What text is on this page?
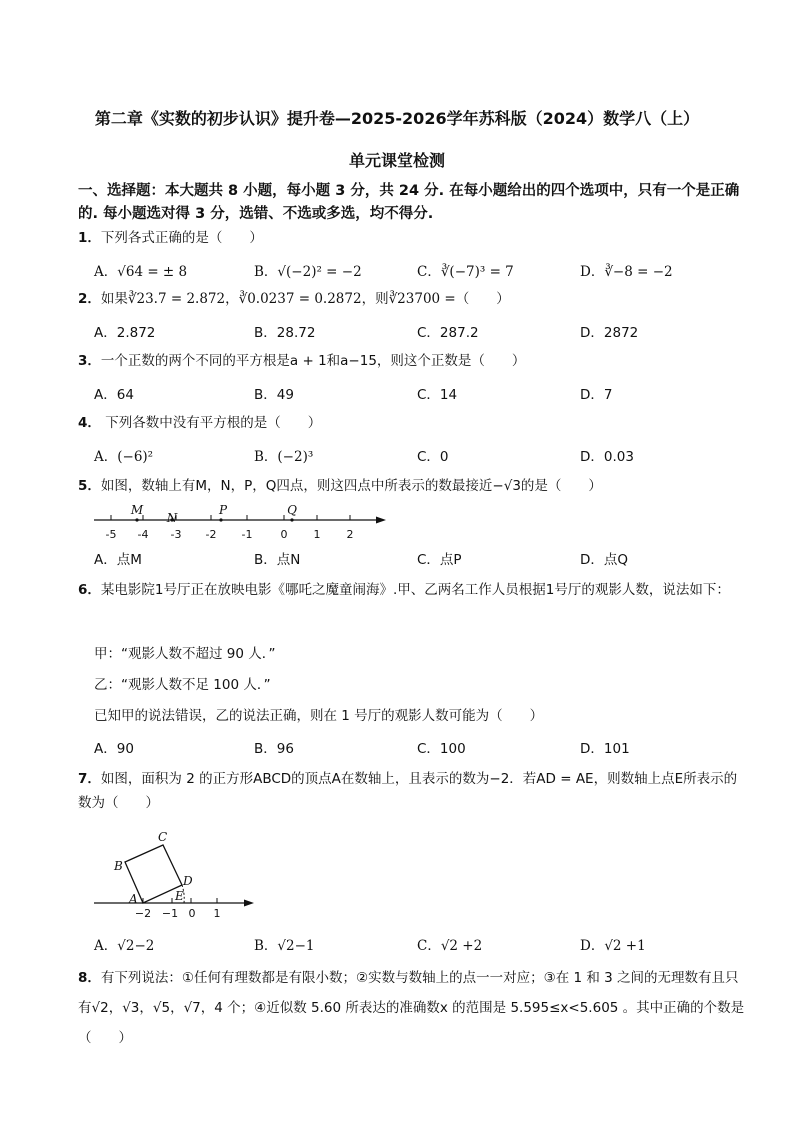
第二章《实数的初步认识》提升卷—2025-2026学年苏科版（2024）数学八（上）
单元课堂检测
一、选择题：本大题共 8 小题，每小题 3 分，共 24 分. 在每小题给出的四个选项中，只有一个是正确的. 每小题选对得 3 分，选错、不选或多选，均不得分.
1．下列各式正确的是（　　）
A．√64 = ± 8	B．√(−2)² = −2	C．∛(−7)³ = 7	D．∛−8 = −2
2．如果∛23.7 = 2.872，∛0.0237 = 0.2872，则∛23700 =（　　）
A．2.872	B．28.72	C．287.2	D．2872
3．一个正数的两个不同的平方根是a + 1和a−15，则这个正数是（　　）
A．64	B．49	C．14	D．7
4． 下列各数中没有平方根的是（　　）
A．(−6)²	B．(−2)³	C．0	D．0.03
5．如图，数轴上有M，N，P，Q四点，则这四点中所表示的数最接近−√3的是（　　）
-5 -4 -3 -2 -1	0 1 2
M
N
P	Q
A．点M	B．点N	C．点P	D．点Q
6．某电影院1号厅正在放映电影《哪吒之魔童闹海》.甲、乙两名工作人员根据1号厅的观影人数，说法如下：
甲：“观影人数不超过 90 人．”
乙：“观影人数不足 100 人．”
已知甲的说法错误，乙的说法正确，则在 1 号厅的观影人数可能为（　　）
A．90	B．96	C．100	D．101
7．如图，面积为 2 的正方形ABCD的顶点A在数轴上，且表示的数为−2．若AD = AE，则数轴上点E所表示的数为（　　）
A
B
C
D
E
−2 −1 0 1
A．√2−2	B．√2−1	C．√2 +2	D．√2 +1
8．有下列说法：①任何有理数都是有限小数；②实数与数轴上的点一一对应；③在 1 和 3 之间的无理数有且只有√2，√3，√5，√7，4 个；④近似数 5.60 所表达的准确数x 的范围是 5.595≤x<5.605 。其中正确的个数是（　　）
